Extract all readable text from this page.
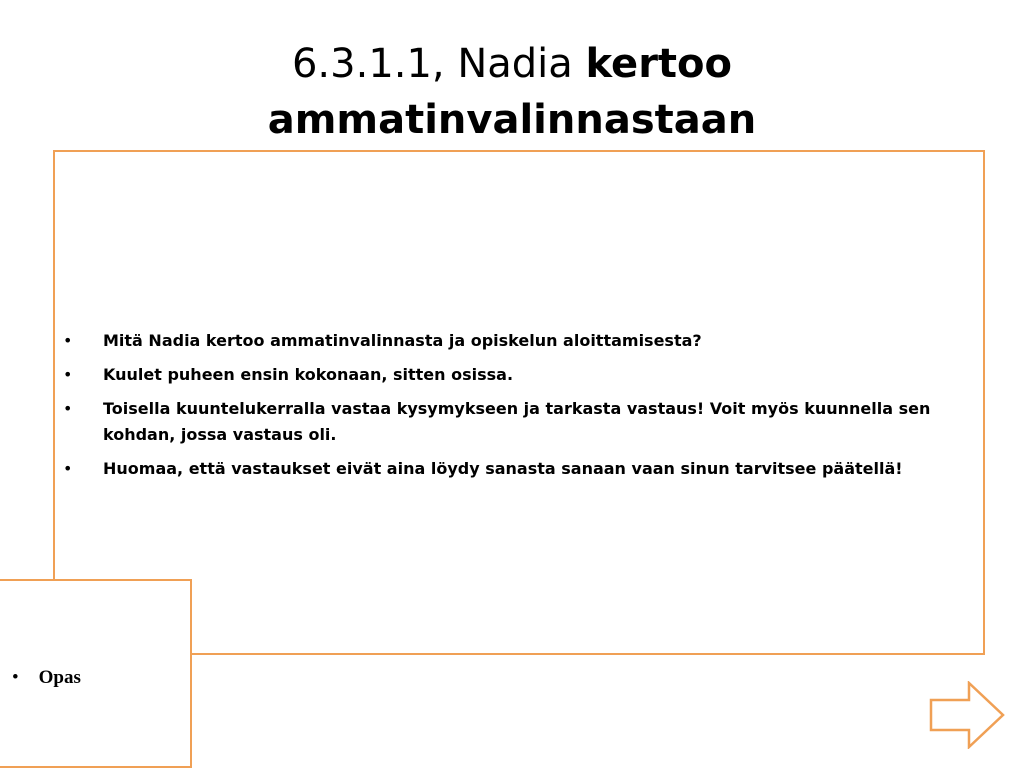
6.3.1.1, Nadia kertoo
ammatinvalinnastaan
• Mitä Nadia kertoo ammatinvalinnasta ja opiskelun aloittamisesta?
• Kuulet puheen ensin kokonaan, sitten osissa.
• Toisella kuuntelukerralla vastaa kysymykseen ja tarkasta vastaus! Voit myös kuunnella sen kohdan, jossa vastaus oli.
• Huomaa, että vastaukset eivät aina löydy sanasta sanaan vaan sinun tarvitsee päätellä!
• Opas
